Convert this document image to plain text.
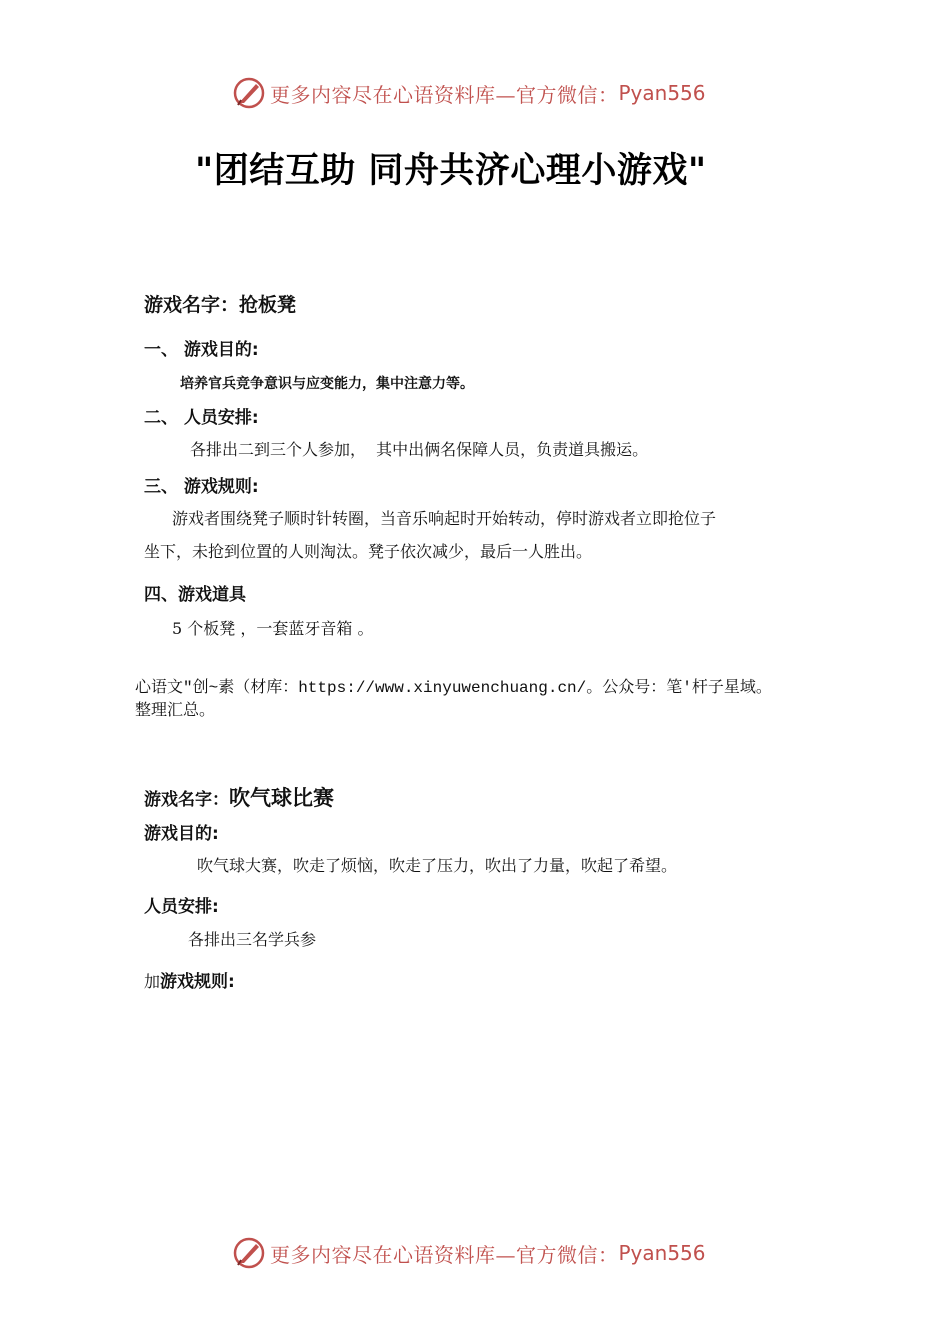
更多内容尽在心语资料库—官方微信： Pyan556
"团结互助 同舟共济心理小游戏"
游戏名字：抢板凳
一、 游戏目的:
培养官兵竞争意识与应变能力，集中注意力等。
二、 人员安排:
各排出二到三个人参加，  其中出俩名保障人员，负责道具搬运。
三、 游戏规则:
游戏者围绕凳子顺时针转圈，当音乐响起时开始转动，停时游戏者立即抢位子
坐下，未抢到位置的人则淘汰。凳子依次减少，最后一人胜出。
四、游戏道具
5 个板凳 ，一套蓝牙音箱 。
心语文"创~素（材库：https://www.xinyuwenchuang.cn/。公众号：笔'杆子星域。
整理汇总。
游戏名字：吹气球比赛
游戏目的:
吹气球大赛，吹走了烦恼，吹走了压力，吹出了力量，吹起了希望。
人员安排:
各排出三名学兵参
加游戏规则:
更多内容尽在心语资料库—官方微信： Pyan556
